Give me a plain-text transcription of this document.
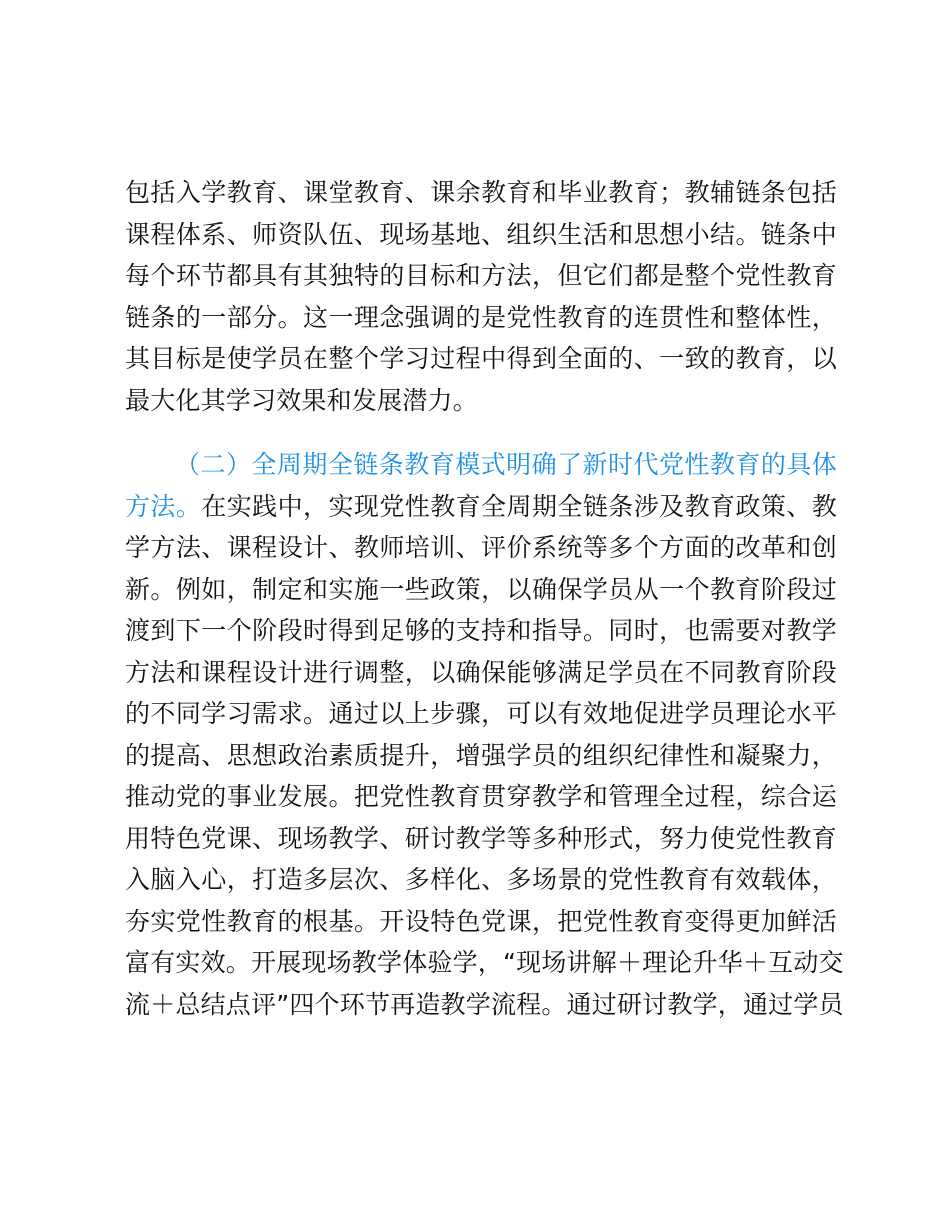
包括入学教育、课堂教育、课余教育和毕业教育；教辅链条包括
课程体系、师资队伍、现场基地、组织生活和思想小结。链条中
每个环节都具有其独特的目标和方法，但它们都是整个党性教育
链条的一部分。这一理念强调的是党性教育的连贯性和整体性，
其目标是使学员在整个学习过程中得到全面的、一致的教育，以
最大化其学习效果和发展潜力。
（二）全周期全链条教育模式明确了新时代党性教育的具体
方法。在实践中，实现党性教育全周期全链条涉及教育政策、教
学方法、课程设计、教师培训、评价系统等多个方面的改革和创
新。例如，制定和实施一些政策，以确保学员从一个教育阶段过
渡到下一个阶段时得到足够的支持和指导。同时，也需要对教学
方法和课程设计进行调整，以确保能够满足学员在不同教育阶段
的不同学习需求。通过以上步骤，可以有效地促进学员理论水平
的提高、思想政治素质提升，增强学员的组织纪律性和凝聚力，
推动党的事业发展。把党性教育贯穿教学和管理全过程，综合运
用特色党课、现场教学、研讨教学等多种形式，努力使党性教育
入脑入心，打造多层次、多样化、多场景的党性教育有效载体，
夯实党性教育的根基。开设特色党课，把党性教育变得更加鲜活
富有实效。开展现场教学体验学，“现场讲解＋理论升华＋互动交
流＋总结点评”四个环节再造教学流程。通过研讨教学，通过学员
